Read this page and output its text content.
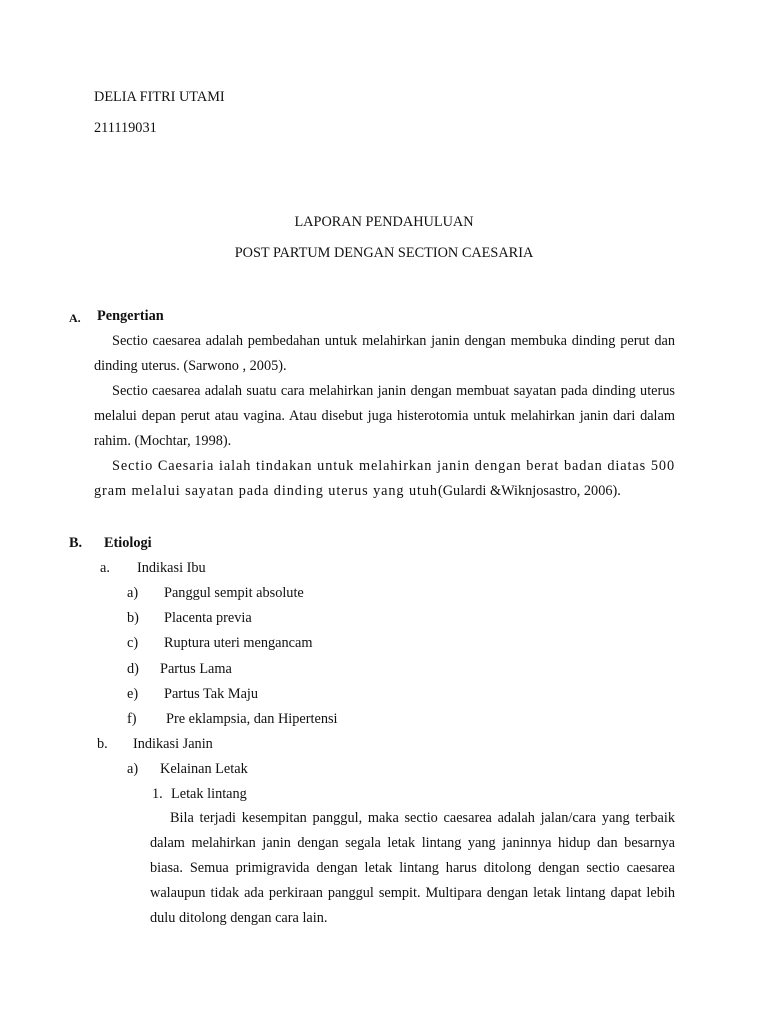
DELIA FITRI UTAMI
211119031
LAPORAN PENDAHULUAN
POST PARTUM DENGAN SECTION CAESARIA
A. Pengertian

Sectio caesarea adalah pembedahan untuk melahirkan janin dengan membuka dinding perut dan dinding uterus. (Sarwono , 2005).

Sectio caesarea adalah suatu cara melahirkan janin dengan membuat sayatan pada dinding uterus melalui depan perut atau vagina. Atau disebut juga histerotomia untuk melahirkan janin dari dalam rahim. (Mochtar, 1998).

Sectio Caesaria ialah tindakan untuk melahirkan janin dengan berat badan diatas 500 gram melalui sayatan pada dinding uterus yang utuh(Gulardi &Wiknjosastro, 2006).

B. Etiologi
a. Indikasi Ibu
a) Panggul sempit absolute
b) Placenta previa
c) Ruptura uteri mengancam
d) Partus Lama
e) Partus Tak Maju
f) Pre eklampsia, dan Hipertensi
b. Indikasi Janin
a) Kelainan Letak
1. Letak lintang

Bila terjadi kesempitan panggul, maka sectio caesarea adalah jalan/cara yang terbaik dalam melahirkan janin dengan segala letak lintang yang janinnya hidup dan besarnya biasa. Semua primigravida dengan letak lintang harus ditolong dengan sectio caesarea walaupun tidak ada perkiraan panggul sempit. Multipara dengan letak lintang dapat lebih dulu ditolong dengan cara lain.
